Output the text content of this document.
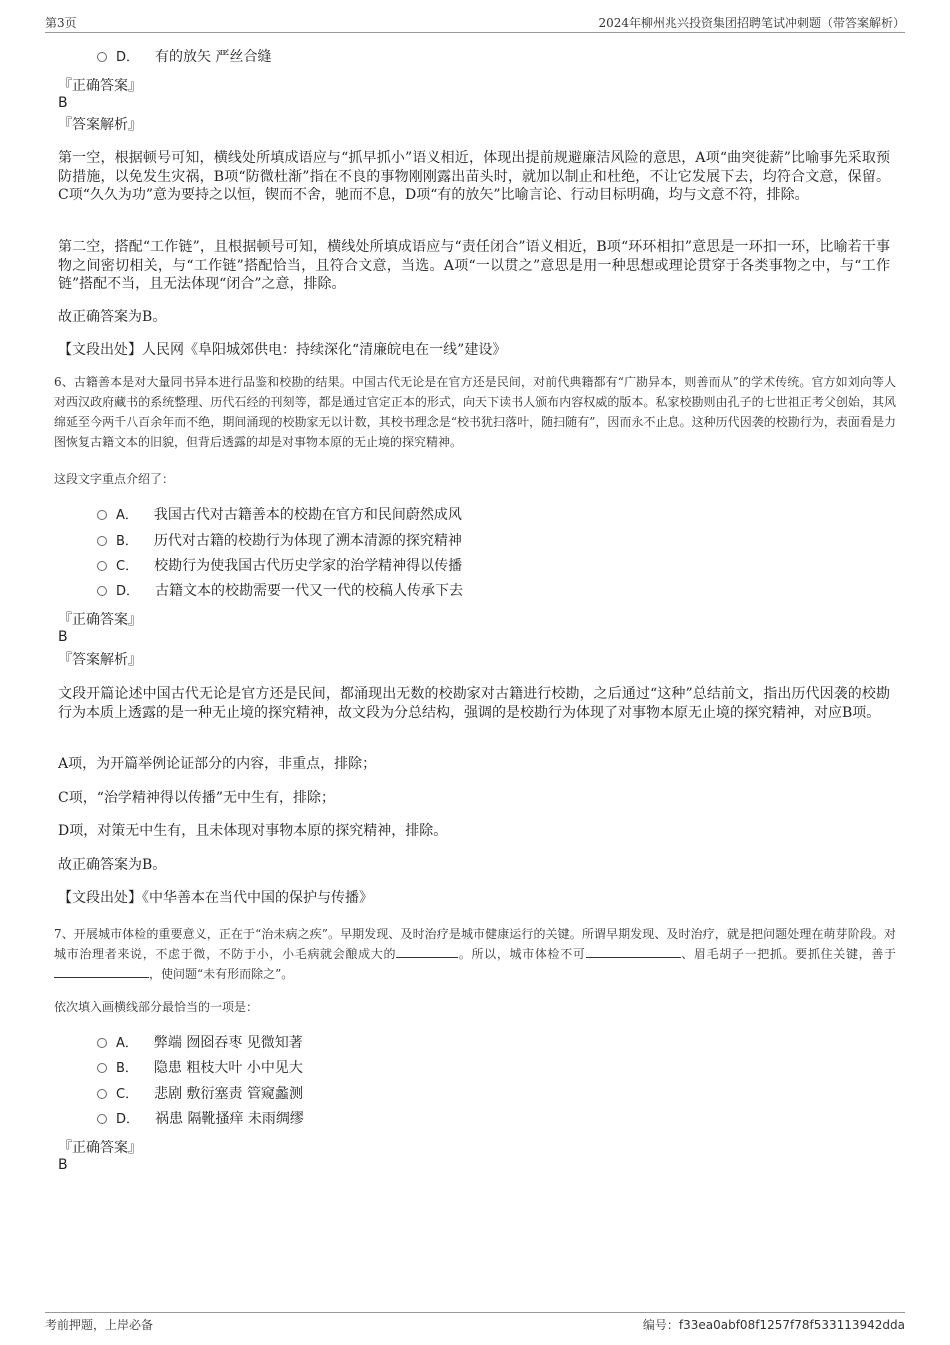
第3页	2024年柳州兆兴投资集团招聘笔试冲刺题（带答案解析）
D． 有的放矢 严丝合缝
『正确答案』
B
『答案解析』
第一空，根据顿号可知，横线处所填成语应与“抓早抓小”语义相近，体现出提前规避廉洁风险的意思，A项“曲突徙薪”比喻事先采取预防措施，以免发生灾祸，B项“防微杜渐”指在不良的事物刚刚露出苗头时，就加以制止和杜绝，不让它发展下去，均符合文意，保留。C项“久久为功”意为要持之以恒，锲而不舍，驰而不息，D项“有的放矢”比喻言论、行动目标明确，均与文意不符，排除。
第二空，搭配“工作链”，且根据顿号可知，横线处所填成语应与“责任闭合”语义相近，B项“环环相扣”意思是一环扣一环，比喻若干事物之间密切相关，与“工作链”搭配恰当，且符合文意，当选。A项“一以贯之”意思是用一种思想或理论贯穿于各类事物之中，与“工作链”搭配不当，且无法体现“闭合”之意，排除。
故正确答案为B。
【文段出处】人民网《阜阳城郊供电：持续深化“清廉皖电在一线”建设》
6、古籍善本是对大量同书异本进行品鉴和校勘的结果。中国古代无论是在官方还是民间，对前代典籍都有“广勘异本，则善而从”的学术传统。官方如刘向等人对西汉政府藏书的系统整理、历代石经的刊刻等，都是通过官定正本的形式，向天下读书人颁布内容权威的版本。私家校勘则由孔子的七世祖正考父创始，其风绵延至今两千八百余年而不绝，期间涌现的校勘家无以计数，其校书理念是“校书犹扫落叶，随扫随有”，因而永不止息。这种历代因袭的校勘行为，表面看是力图恢复古籍文本的旧貌，但背后透露的却是对事物本原的无止境的探究精神。
这段文字重点介绍了：
A． 我国古代对古籍善本的校勘在官方和民间蔚然成风
B． 历代对古籍的校勘行为体现了溯本清源的探究精神
C． 校勘行为使我国古代历史学家的治学精神得以传播
D． 古籍文本的校勘需要一代又一代的校稿人传承下去
『正确答案』
B
『答案解析』
文段开篇论述中国古代无论是官方还是民间，都涌现出无数的校勘家对古籍进行校勘，之后通过“这种”总结前文，指出历代因袭的校勘行为本质上透露的是一种无止境的探究精神，故文段为分总结构，强调的是校勘行为体现了对事物本原无止境的探究精神，对应B项。
A项，为开篇举例论证部分的内容，非重点，排除；
C项，“治学精神得以传播”无中生有，排除；
D项，对策无中生有，且未体现对事物本原的探究精神，排除。
故正确答案为B。
【文段出处】《中华善本在当代中国的保护与传播》
7、开展城市体检的重要意义，正在于“治未病之疾”。早期发现、及时治疗是城市健康运行的关键。所谓早期发现、及时治疗，就是把问题处理在萌芽阶段。对城市治理者来说，不虑于微，不防于小，小毛病就会酿成大的	。所以，城市体检不可	、眉毛胡子一把抓。要抓住关键，善于，使问题“未有形而除之”。
依次填入画横线部分最恰当的一项是：
A． 弊端 囫囵吞枣 见微知著
B． 隐患 粗枝大叶 小中见大
C． 悲剧 敷衍塞责 管窥蠡测
D． 祸患 隔靴搔痒 未雨绸缪
『正确答案』
B
考前押题，上岸必备	编号：f33ea0abf08f1257f78f533113942dda
